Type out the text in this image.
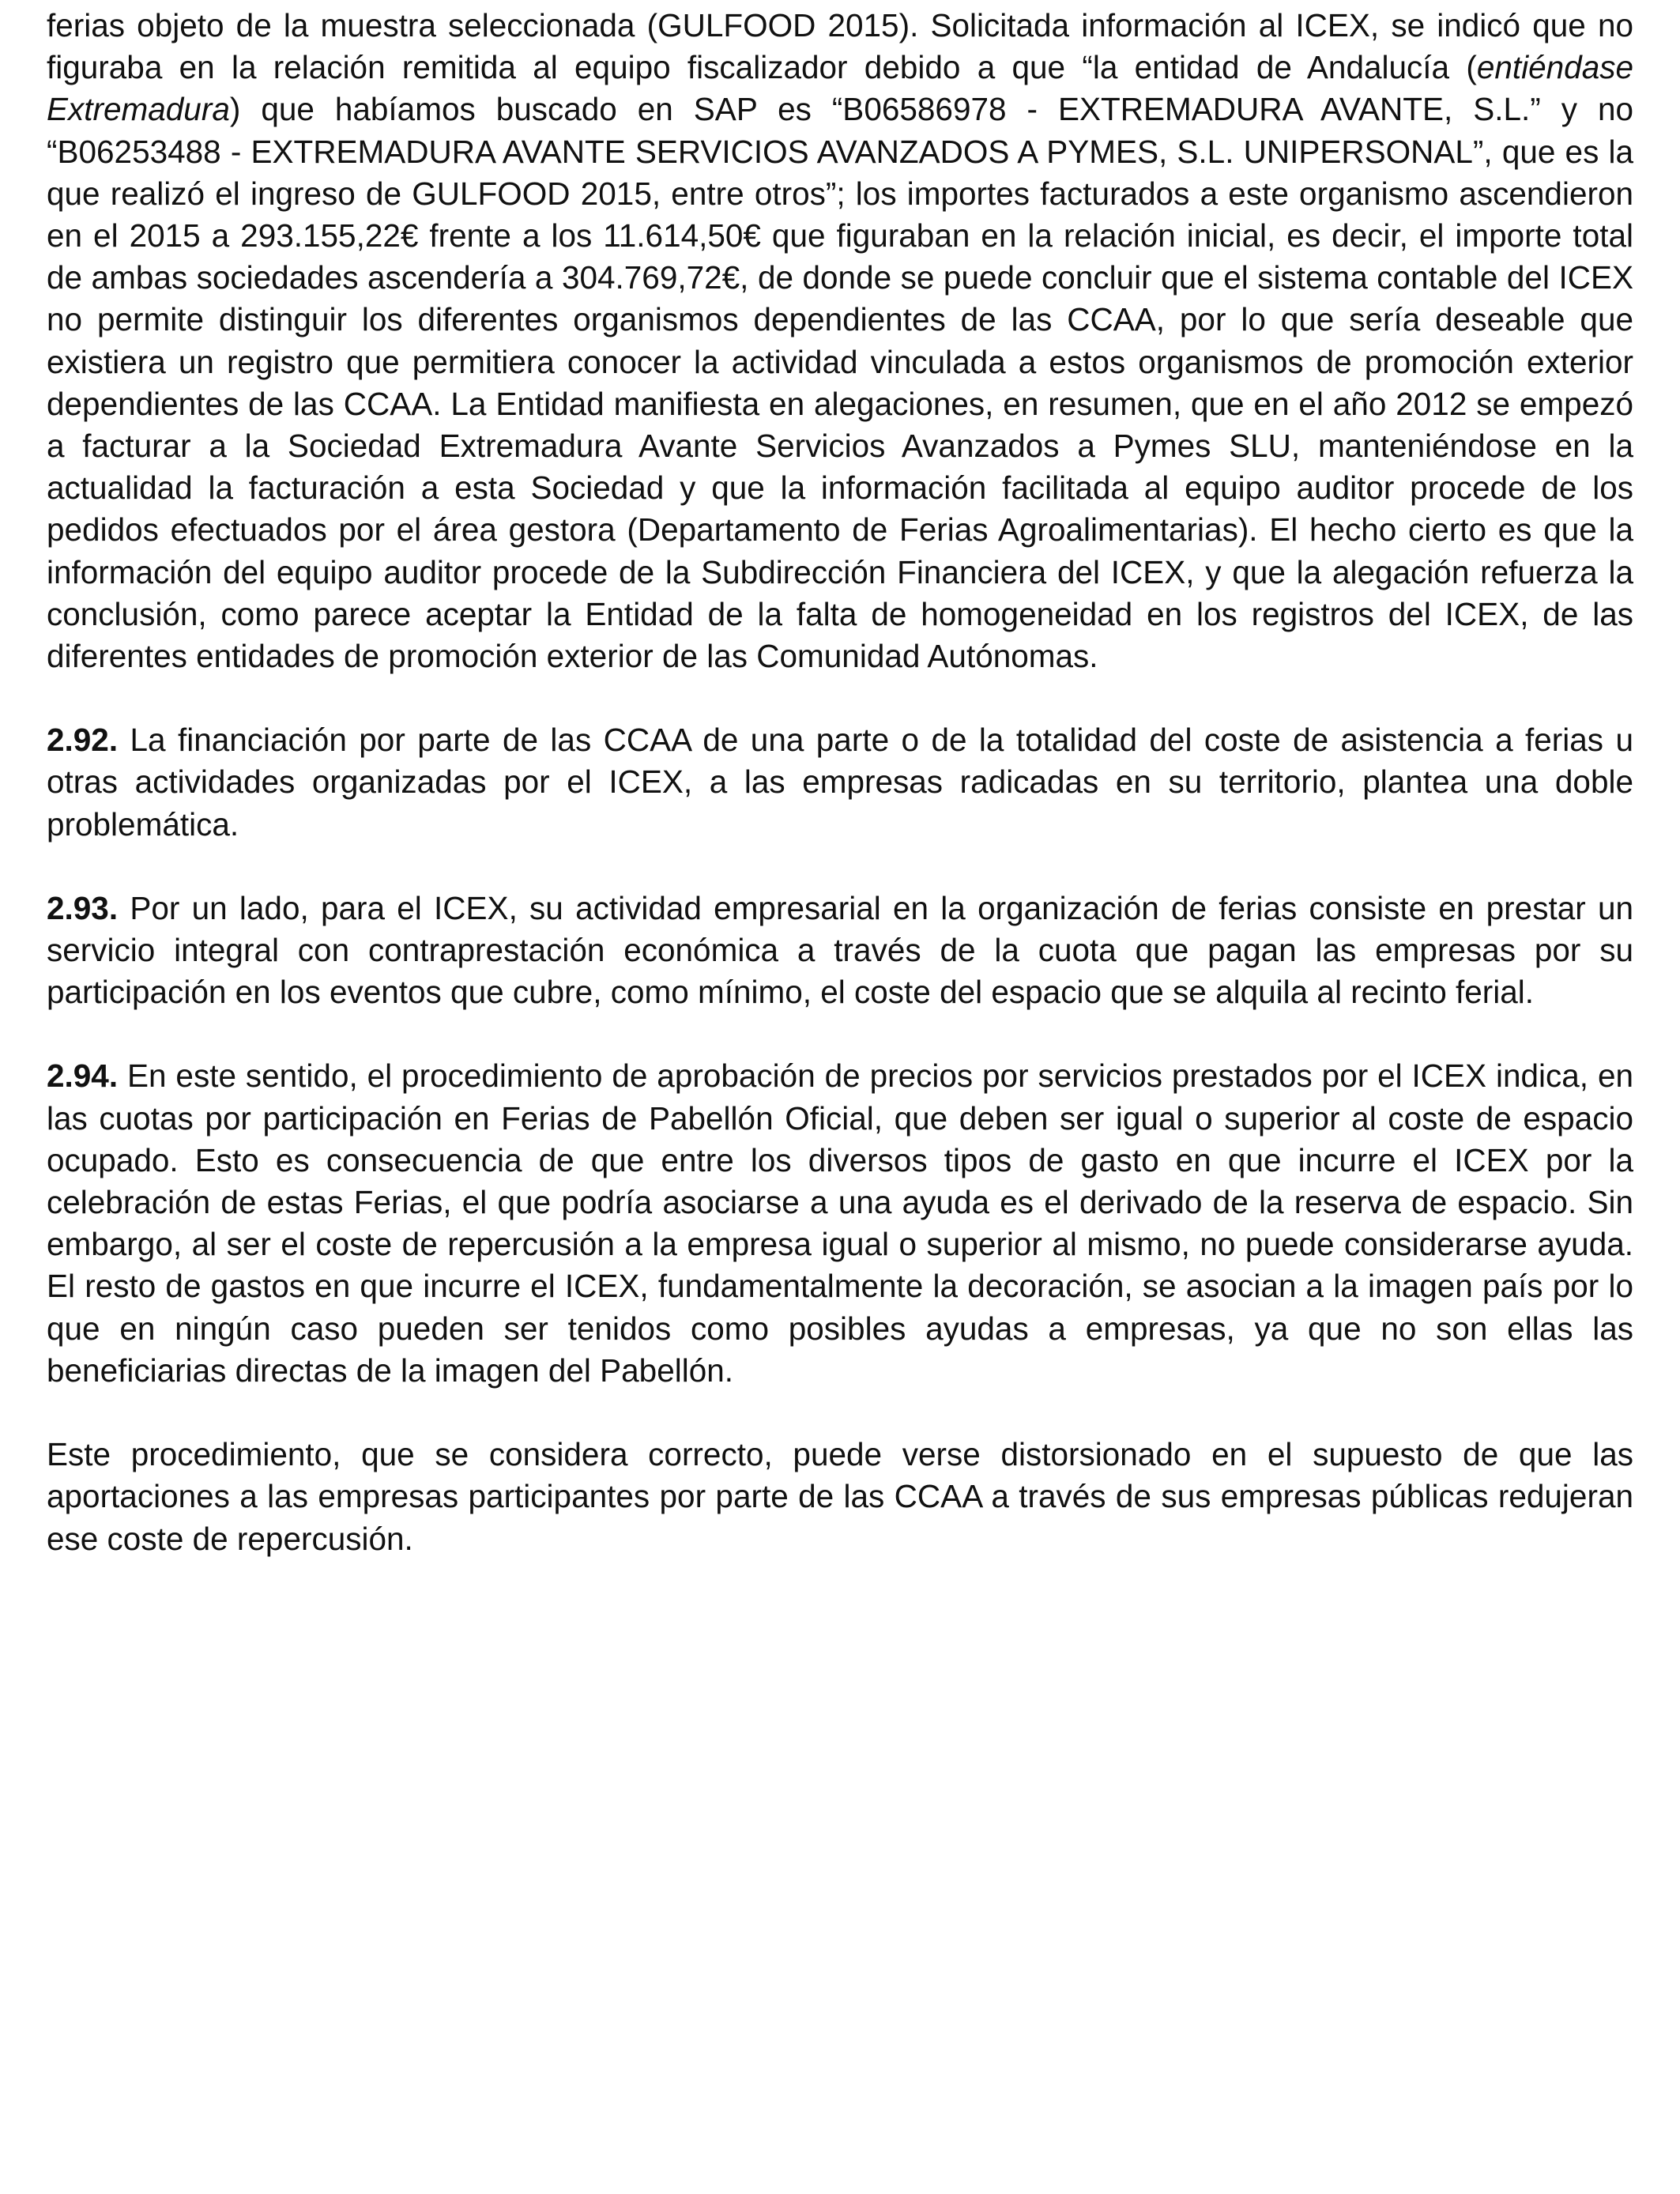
ferias objeto de la muestra seleccionada (GULFOOD 2015). Solicitada información al ICEX, se indicó que no figuraba en la relación remitida al equipo fiscalizador debido a que “la entidad de Andalucía (entiéndase Extremadura) que habíamos buscado en SAP es “B06586978 - EXTREMADURA AVANTE, S.L.” y no “B06253488 - EXTREMADURA AVANTE SERVICIOS AVANZADOS A PYMES, S.L. UNIPERSONAL”, que es la que realizó el ingreso de GULFOOD 2015, entre otros”; los importes facturados a este organismo ascendieron en el 2015 a 293.155,22€ frente a los 11.614,50€ que figuraban en la relación inicial, es decir, el importe total de ambas sociedades ascendería a 304.769,72€, de donde se puede concluir que el sistema contable del ICEX no permite distinguir los diferentes organismos dependientes de las CCAA, por lo que sería deseable que existiera un registro que permitiera conocer la actividad vinculada a estos organismos de promoción exterior dependientes de las CCAA. La Entidad manifiesta en alegaciones, en resumen, que en el año 2012 se empezó a facturar a la Sociedad Extremadura Avante Servicios Avanzados a Pymes SLU, manteniéndose en la actualidad la facturación a esta Sociedad y que la información facilitada al equipo auditor procede de los pedidos efectuados por el área gestora (Departamento de Ferias Agroalimentarias). El hecho cierto es que la información del equipo auditor procede de la Subdirección Financiera del ICEX, y que la alegación refuerza la conclusión, como parece aceptar la Entidad de la falta de homogeneidad en los registros del ICEX, de las diferentes entidades de promoción exterior de las Comunidad Autónomas.

2.92. La financiación por parte de las CCAA de una parte o de la totalidad del coste de asistencia a ferias u otras actividades organizadas por el ICEX, a las empresas radicadas en su territorio, plantea una doble problemática.

2.93. Por un lado, para el ICEX, su actividad empresarial en la organización de ferias consiste en prestar un servicio integral con contraprestación económica a través de la cuota que pagan las empresas por su participación en los eventos que cubre, como mínimo, el coste del espacio que se alquila al recinto ferial.

2.94. En este sentido, el procedimiento de aprobación de precios por servicios prestados por el ICEX indica, en las cuotas por participación en Ferias de Pabellón Oficial, que deben ser igual o superior al coste de espacio ocupado. Esto es consecuencia de que entre los diversos tipos de gasto en que incurre el ICEX por la celebración de estas Ferias, el que podría asociarse a una ayuda es el derivado de la reserva de espacio. Sin embargo, al ser el coste de repercusión a la empresa igual o superior al mismo, no puede considerarse ayuda. El resto de gastos en que incurre el ICEX, fundamentalmente la decoración, se asocian a la imagen país por lo que en ningún caso pueden ser tenidos como posibles ayudas a empresas, ya que no son ellas las beneficiarias directas de la imagen del Pabellón.

Este procedimiento, que se considera correcto, puede verse distorsionado en el supuesto de que las aportaciones a las empresas participantes por parte de las CCAA a través de sus empresas públicas redujeran ese coste de repercusión.
